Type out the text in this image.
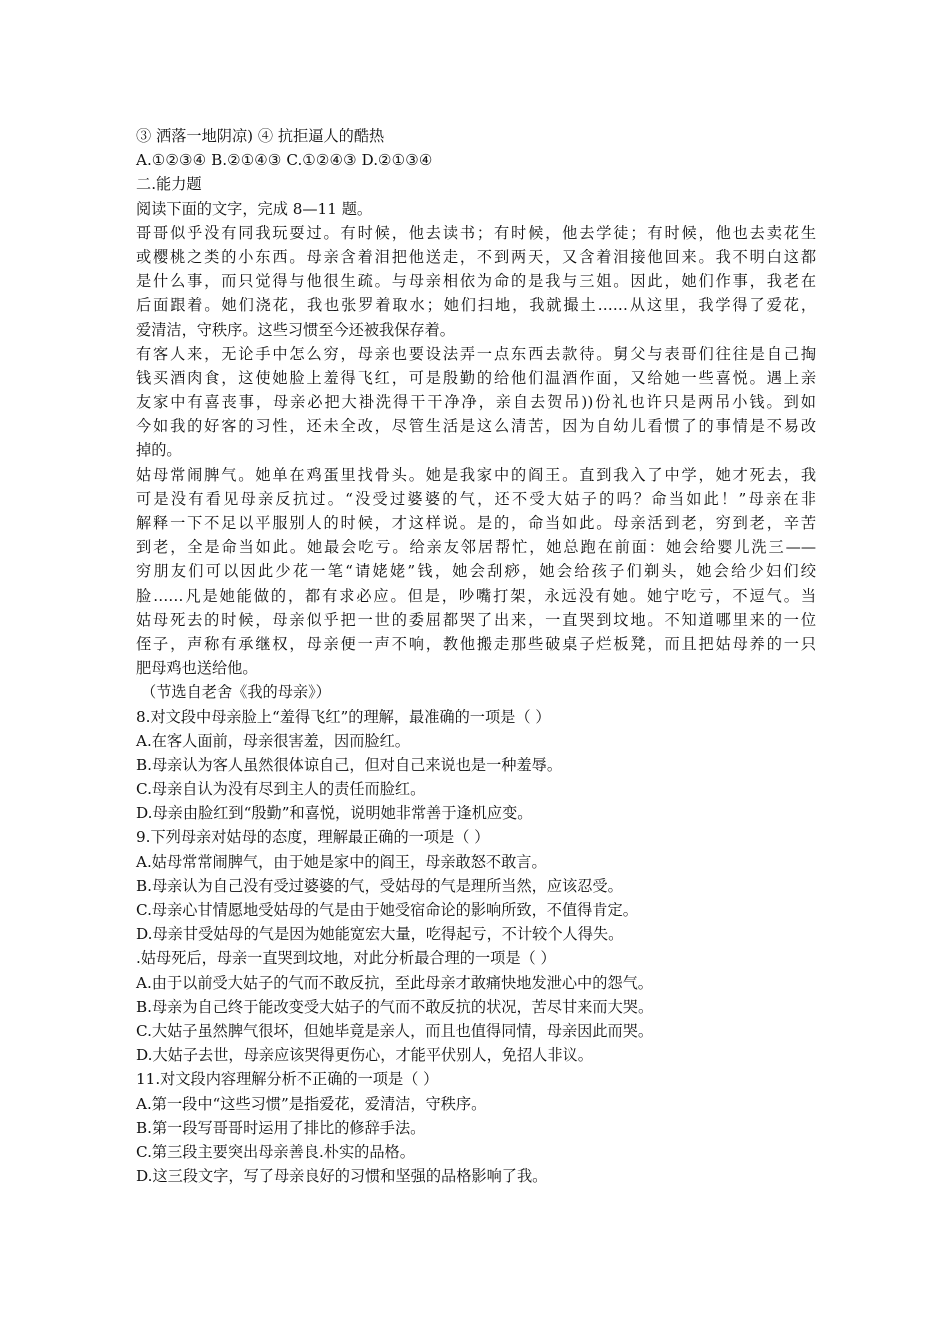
③ 洒落一地阴凉) ④ 抗拒逼人的酷热
A.①②③④ B.②①④③ C.①②④③ D.②①③④
二.能力题
阅读下面的文字，完成 8—11 题。
哥哥似乎没有同我玩耍过。有时候，他去读书；有时候，他去学徒；有时候，他也去卖花生
或樱桃之类的小东西。母亲含着泪把他送走，不到两天，又含着泪接他回来。我不明白这都
是什么事，而只觉得与他很生疏。与母亲相依为命的是我与三姐。因此，她们作事，我老在
后面跟着。她们浇花，我也张罗着取水；她们扫地，我就撮土……从这里，我学得了爱花，
爱清洁，守秩序。这些习惯至今还被我保存着。
有客人来，无论手中怎么穷，母亲也要设法弄一点东西去款待。舅父与表哥们往往是自己掏
钱买酒肉食，这使她脸上羞得飞红，可是殷勤的给他们温酒作面，又给她一些喜悦。遇上亲
友家中有喜丧事，母亲必把大褂洗得干干净净，亲自去贺吊))份礼也许只是两吊小钱。到如
今如我的好客的习性，还未全改，尽管生活是这么清苦，因为自幼儿看惯了的事情是不易改
掉的。
姑母常闹脾气。她单在鸡蛋里找骨头。她是我家中的阎王。直到我入了中学，她才死去，我
可是没有看见母亲反抗过。“没受过婆婆的气，还不受大姑子的吗？命当如此！”母亲在非
解释一下不足以平服别人的时候，才这样说。是的，命当如此。母亲活到老，穷到老，辛苦
到老，全是命当如此。她最会吃亏。给亲友邻居帮忙，她总跑在前面：她会给婴儿洗三——
穷朋友们可以因此少花一笔“请姥姥”钱，她会刮痧，她会给孩子们剃头，她会给少妇们绞
脸……凡是她能做的，都有求必应。但是，吵嘴打架，永远没有她。她宁吃亏，不逗气。当
姑母死去的时候，母亲似乎把一世的委屈都哭了出来，一直哭到坟地。不知道哪里来的一位
侄子，声称有承继权，母亲便一声不响，教他搬走那些破桌子烂板凳，而且把姑母养的一只
肥母鸡也送给他。
（节选自老舍《我的母亲》）
8.对文段中母亲脸上“羞得飞红”的理解，最准确的一项是（ ）
A.在客人面前，母亲很害羞，因而脸红。
B.母亲认为客人虽然很体谅自己，但对自己来说也是一种羞辱。
C.母亲自认为没有尽到主人的责任而脸红。
D.母亲由脸红到“殷勤”和喜悦，说明她非常善于逢机应变。
9.下列母亲对姑母的态度，理解最正确的一项是（ ）
A.姑母常常闹脾气，由于她是家中的阎王，母亲敢怒不敢言。
B.母亲认为自己没有受过婆婆的气，受姑母的气是理所当然，应该忍受。
C.母亲心甘情愿地受姑母的气是由于她受宿命论的影响所致，不值得肯定。
D.母亲甘受姑母的气是因为她能宽宏大量，吃得起亏，不计较个人得失。
.姑母死后，母亲一直哭到坟地，对此分析最合理的一项是（ ）
A.由于以前受大姑子的气而不敢反抗，至此母亲才敢痛快地发泄心中的怨气。
B.母亲为自己终于能改变受大姑子的气而不敢反抗的状况，苦尽甘来而大哭。
C.大姑子虽然脾气很坏，但她毕竟是亲人，而且也值得同情，母亲因此而哭。
D.大姑子去世，母亲应该哭得更伤心，才能平伏别人，免招人非议。
11.对文段内容理解分析不正确的一项是（ ）
A.第一段中“这些习惯”是指爱花，爱清洁，守秩序。
B.第一段写哥哥时运用了排比的修辞手法。
C.第三段主要突出母亲善良.朴实的品格。
D.这三段文字，写了母亲良好的习惯和坚强的品格影响了我。
